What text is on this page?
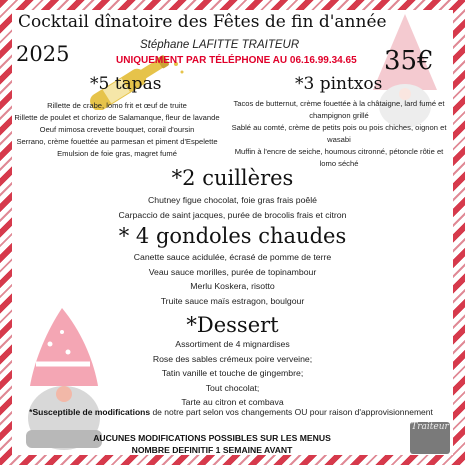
Cocktail dînatoire des Fêtes de fin d'année
2025	Stéphane LAFITTE TRAITEUR
UNIQUEMENT PAR TÉLÉPHONE AU 06.16.99.34.65 35€
*5 tapas
Rillette de crabe, lomo frit et œuf de truite
Rillette de poulet et chorizo de Salamanque, fleur de lavande
Oeuf mimosa crevette bouquet, corail d'oursin
Serrano, crème fouettée au parmesan et piment d'Espelette
Emulsion de foie gras, magret fumé
*3 pintxos
Tacos de butternut, crème fouettée à la châtaigne, lard fumé et champignon grillé
Sablé au comté, crème de petits pois ou pois chiches, oignon et wasabi
Muffin à l'encre de seiche, houmous citronné, pétoncle rôtie et lomo séché
*2 cuillères
Chutney figue chocolat, foie gras frais poêlé
Carpaccio de saint jacques, purée de brocolis frais et citron
* 4 gondoles chaudes
Canette sauce acidulée, écrasé de pomme de terre
Veau sauce morilles, purée de topinambour
Merlu Koskera, risotto
Truite sauce maïs estragon, boulgour
*Dessert
Assortiment de 4 mignardises
Rose des sables crémeux poire verveine;
Tatin vanille et touche de gingembre;
Tout chocolat;
Tarte au citron et combava
*Susceptible de modifications de notre part selon vos changements OU pour raison d'approvisionnement
AUCUNES MODIFICATIONS POSSIBLES SUR LES MENUS
NOMBRE DEFINITIF 1 SEMAINE AVANT
Traiteur
